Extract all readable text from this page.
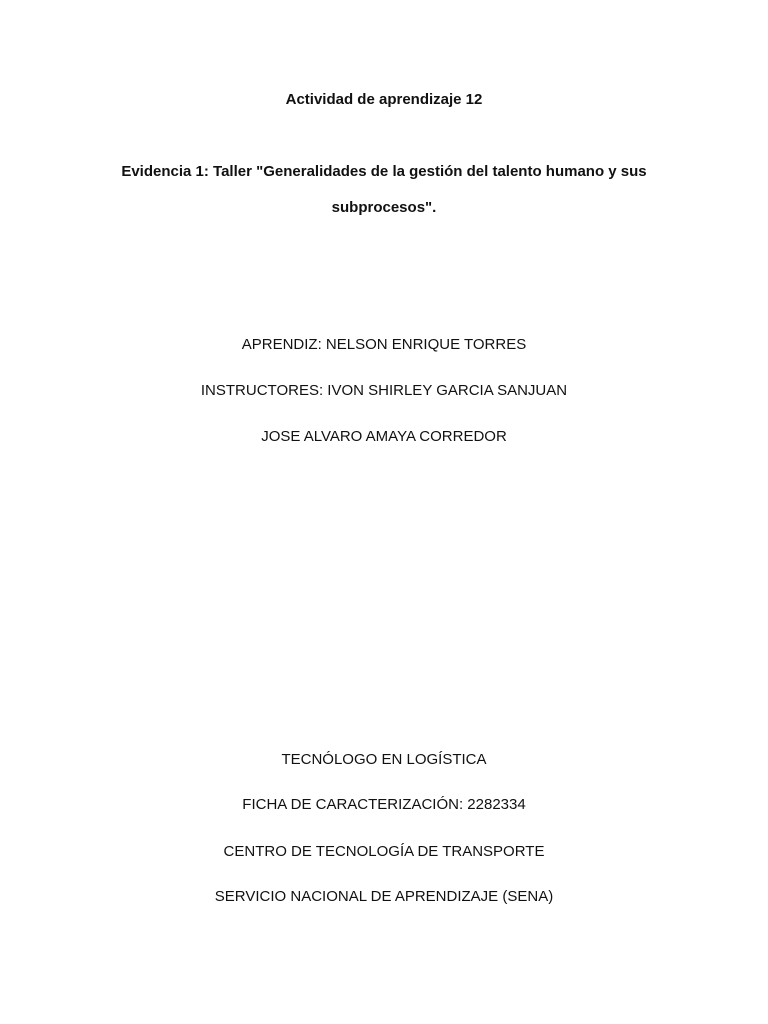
Actividad de aprendizaje 12
Evidencia 1: Taller "Generalidades de la gestión del talento humano y sus
subprocesos".
APRENDIZ: NELSON ENRIQUE TORRES
INSTRUCTORES: IVON SHIRLEY GARCIA SANJUAN
JOSE ALVARO AMAYA CORREDOR
TECNÓLOGO EN LOGÍSTICA
FICHA DE CARACTERIZACIÓN: 2282334
CENTRO DE TECNOLOGÍA DE TRANSPORTE
SERVICIO NACIONAL DE APRENDIZAJE (SENA)
